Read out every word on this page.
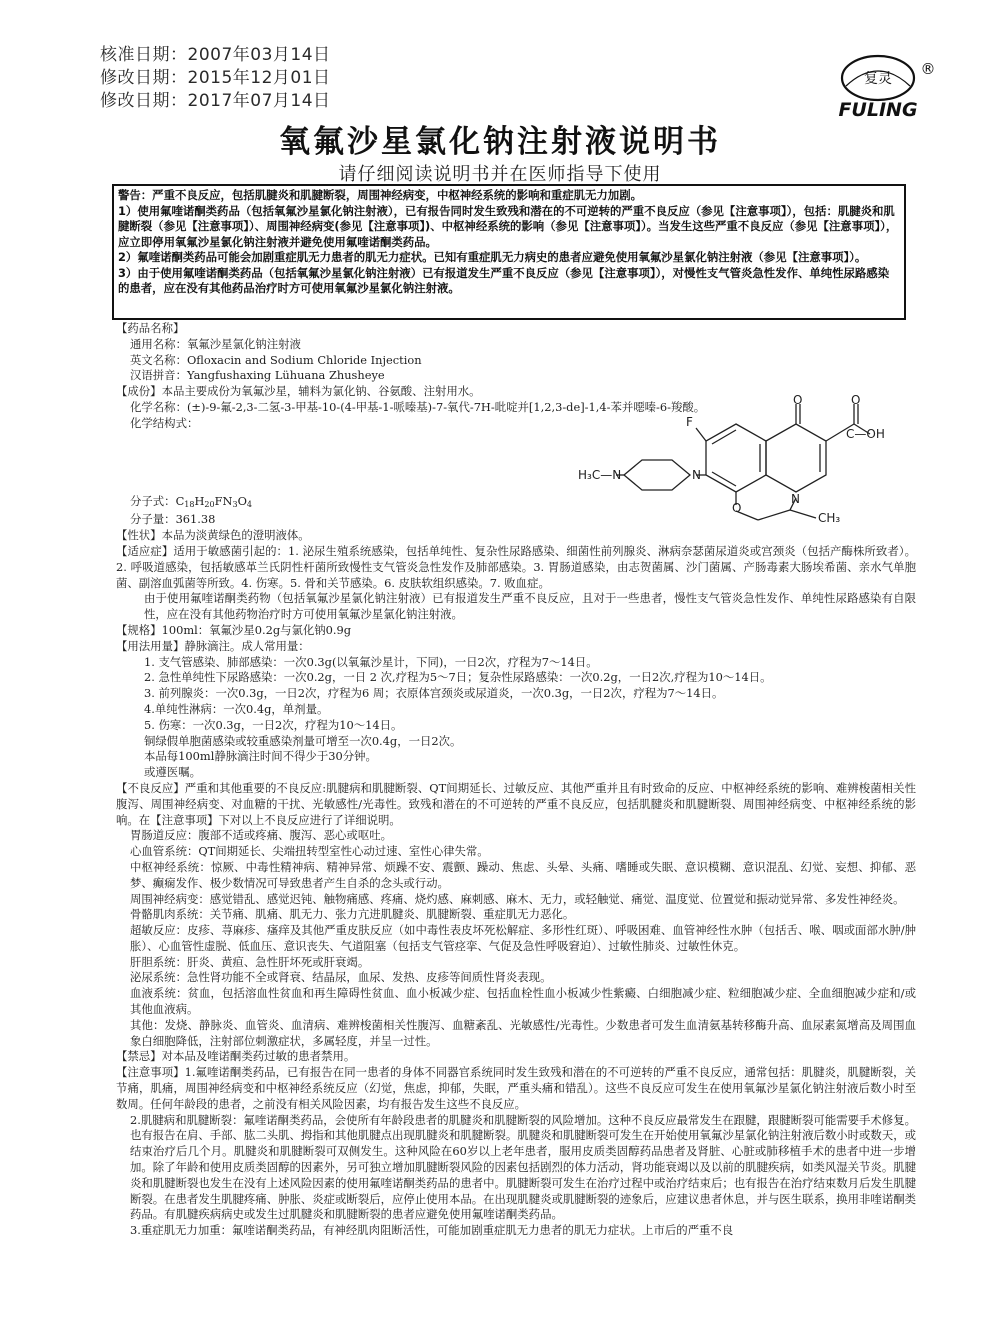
核准日期：2007年03月14日
修改日期：2015年12月01日
修改日期：2017年07月14日
复灵
FULING
®
氧氟沙星氯化钠注射液说明书
请仔细阅读说明书并在医师指导下使用

警告：严重不良反应，包括肌腱炎和肌腱断裂，周围神经病变，中枢神经系统的影响和重症肌无力加剧。

1）使用氟喹诺酮类药品（包括氧氟沙星氯化钠注射液），已有报告同时发生致残和潜在的不可逆转的严重不良反应（参见【注意事项】），包括：肌腱炎和肌腱断裂（参见【注意事项】）、周围神经病变(参见【注意事项】)、中枢神经系统的影响（参见【注意事项】）。当发生这些严重不良反应（参见【注意事项】），应立即停用氧氟沙星氯化钠注射液并避免使用氟喹诺酮类药品。

2）氟喹诺酮类药品可能会加剧重症肌无力患者的肌无力症状。已知有重症肌无力病史的患者应避免使用氧氟沙星氯化钠注射液（参见【注意事项】）。

3）由于使用氟喹诺酮类药品（包括氧氟沙星氯化钠注射液）已有报道发生严重不良反应（参见【注意事项】），对慢性支气管炎急性发作、单纯性尿路感染的患者，应在没有其他药品治疗时方可使用氧氟沙星氯化钠注射液。

【药品名称】
通用名称：氧氟沙星氯化钠注射液
英文名称：Ofloxacin and Sodium Chloride Injection
汉语拼音：Yangfushaxing Lühuana Zhusheye
【成份】本品主要成份为氧氟沙星，辅料为氯化钠、谷氨酸、注射用水。
化学名称：(±)-9-氟-2,3-二氢-3-甲基-10-(4-甲基-1-哌嗪基)-7-氧代-7H-吡啶并[1,2,3-de]-1,4-苯并噁嗪-6-羧酸。
化学结构式：	F
O	O
C—OH
N
N
H₃C—N
O
CH₃
分子式：C18H20FN3O4
分子量：361.38
【性状】本品为淡黄绿色的澄明液体。

【适应症】适用于敏感菌引起的：1. 泌尿生殖系统感染，包括单纯性、复杂性尿路感染、细菌性前列腺炎、淋病奈瑟菌尿道炎或宫颈炎（包括产酶株所致者）。2. 呼吸道感染，包括敏感革兰氏阴性杆菌所致慢性支气管炎急性发作及肺部感染。3. 胃肠道感染，由志贺菌属、沙门菌属、产肠毒素大肠埃希菌、亲水气单胞菌、副溶血弧菌等所致。4. 伤寒。5. 骨和关节感染。6. 皮肤软组织感染。7. 败血症。

由于使用氟喹诺酮类药物（包括氧氟沙星氯化钠注射液）已有报道发生严重不良反应，且对于一些患者，慢性支气管炎急性发作、单纯性尿路感染有自限性，应在没有其他药物治疗时方可使用氧氟沙星氯化钠注射液。

【规格】100ml：氧氟沙星0.2g与氯化钠0.9g
【用法用量】静脉滴注。成人常用量：
1. 支气管感染、肺部感染：一次0.3g(以氧氟沙星计，下同)，一日2次，疗程为7～14日。
2. 急性单纯性下尿路感染：一次0.2g，一日 2 次,疗程为5～7日；复杂性尿路感染：一次0.2g，一日2次,疗程为10～14日。
3. 前列腺炎：一次0.3g，一日2次，疗程为6 周；衣原体宫颈炎或尿道炎，一次0.3g，一日2次，疗程为7～14日。
4.单纯性淋病：一次0.4g，单剂量。
5. 伤寒：一次0.3g，一日2次，疗程为10～14日。
铜绿假单胞菌感染或较重感染剂量可增至一次0.4g，一日2次。
本品每100ml静脉滴注时间不得少于30分钟。
或遵医嘱。

【不良反应】严重和其他重要的不良反应:肌腱病和肌腱断裂、QT间期延长、过敏反应、其他严重并且有时致命的反应、中枢神经系统的影响、难辨梭菌相关性腹泻、周围神经病变、对血糖的干扰、光敏感性/光毒性。致残和潜在的不可逆转的严重不良反应，包括肌腱炎和肌腱断裂、周围神经病变、中枢神经系统的影响。在【注意事项】下对以上不良反应进行了详细说明。

胃肠道反应：腹部不适或疼痛、腹泻、恶心或呕吐。

心血管系统：QT间期延长、尖端扭转型室性心动过速、室性心律失常。

中枢神经系统：惊厥、中毒性精神病、精神异常、烦躁不安、震颤、躁动、焦虑、头晕、头痛、嗜睡或失眠、意识模糊、意识混乱、幻觉、妄想、抑郁、恶梦、癫痫发作、极少数情况可导致患者产生自杀的念头或行动。

周围神经病变：感觉错乱、感觉迟钝、触物痛感、疼痛、烧灼感、麻刺感、麻木、无力，或轻触觉、痛觉、温度觉、位置觉和振动觉异常、多发性神经炎。

骨骼肌肉系统：关节痛、肌痛、肌无力、张力亢进肌腱炎、肌腱断裂、重症肌无力恶化。

超敏反应：皮疹、荨麻疹、瘙痒及其他严重皮肤反应（如中毒性表皮坏死松解症、多形性红斑）、呼吸困难、血管神经性水肿（包括舌、喉、咽或面部水肿/肿胀）、心血管性虚脱、低血压、意识丧失、气道阻塞（包括支气管痉挛、气促及急性呼吸窘迫）、过敏性肺炎、过敏性休克。

肝胆系统：肝炎、黄疸、急性肝坏死或肝衰竭。

泌尿系统：急性肾功能不全或肾衰、结晶尿，血尿、发热、皮疹等间质性肾炎表现。

血液系统：贫血，包括溶血性贫血和再生障碍性贫血、血小板减少症、包括血栓性血小板减少性紫癜、白细胞减少症、粒细胞减少症、全血细胞减少症和/或其他血液病。

其他：发烧、静脉炎、血管炎、血清病、难辨梭菌相关性腹泻、血糖紊乱、光敏感性/光毒性。少数患者可发生血清氨基转移酶升高、血尿素氮增高及周围血象白细胞降低，注射部位刺激症状，多属轻度，并呈一过性。

【禁忌】对本品及喹诺酮类药过敏的患者禁用。

【注意事项】1.氟喹诺酮类药品，已有报告在同一患者的身体不同器官系统同时发生致残和潜在的不可逆转的严重不良反应，通常包括：肌腱炎，肌腱断裂，关节痛，肌痛，周围神经病变和中枢神经系统反应（幻觉，焦虑，抑郁，失眠，严重头痛和错乱）。这些不良反应可发生在使用氧氟沙星氯化钠注射液后数小时至数周。任何年龄段的患者，之前没有相关风险因素，均有报告发生这些不良反应。

2.肌腱病和肌腱断裂：氟喹诺酮类药品，会使所有年龄段患者的肌腱炎和肌腱断裂的风险增加。这种不良反应最常发生在跟腱，跟腱断裂可能需要手术修复。也有报告在肩、手部、肱二头肌、拇指和其他肌腱点出现肌腱炎和肌腱断裂。肌腱炎和肌腱断裂可发生在开始使用氧氟沙星氯化钠注射液后数小时或数天，或结束治疗后几个月。肌腱炎和肌腱断裂可双侧发生。这种风险在60岁以上老年患者，服用皮质类固醇药品患者及肾脏、心脏或肺移植手术的患者中进一步增加。除了年龄和使用皮质类固醇的因素外，另可独立增加肌腱断裂风险的因素包括剧烈的体力活动，肾功能衰竭以及以前的肌腱疾病，如类风湿关节炎。肌腱炎和肌腱断裂也发生在没有上述风险因素的使用氟喹诺酮类药品的患者中。肌腱断裂可发生在治疗过程中或治疗结束后；也有报告在治疗结束数月后发生肌腱断裂。在患者发生肌腱疼痛、肿胀、炎症或断裂后，应停止使用本品。在出现肌腱炎或肌腱断裂的迹象后，应建议患者休息，并与医生联系，换用非喹诺酮类药品。有肌腱疾病病史或发生过肌腱炎和肌腱断裂的患者应避免使用氟喹诺酮类药品。

3.重症肌无力加重：氟喹诺酮类药品，有神经肌肉阻断活性，可能加剧重症肌无力患者的肌无力症状。上市后的严重不良
